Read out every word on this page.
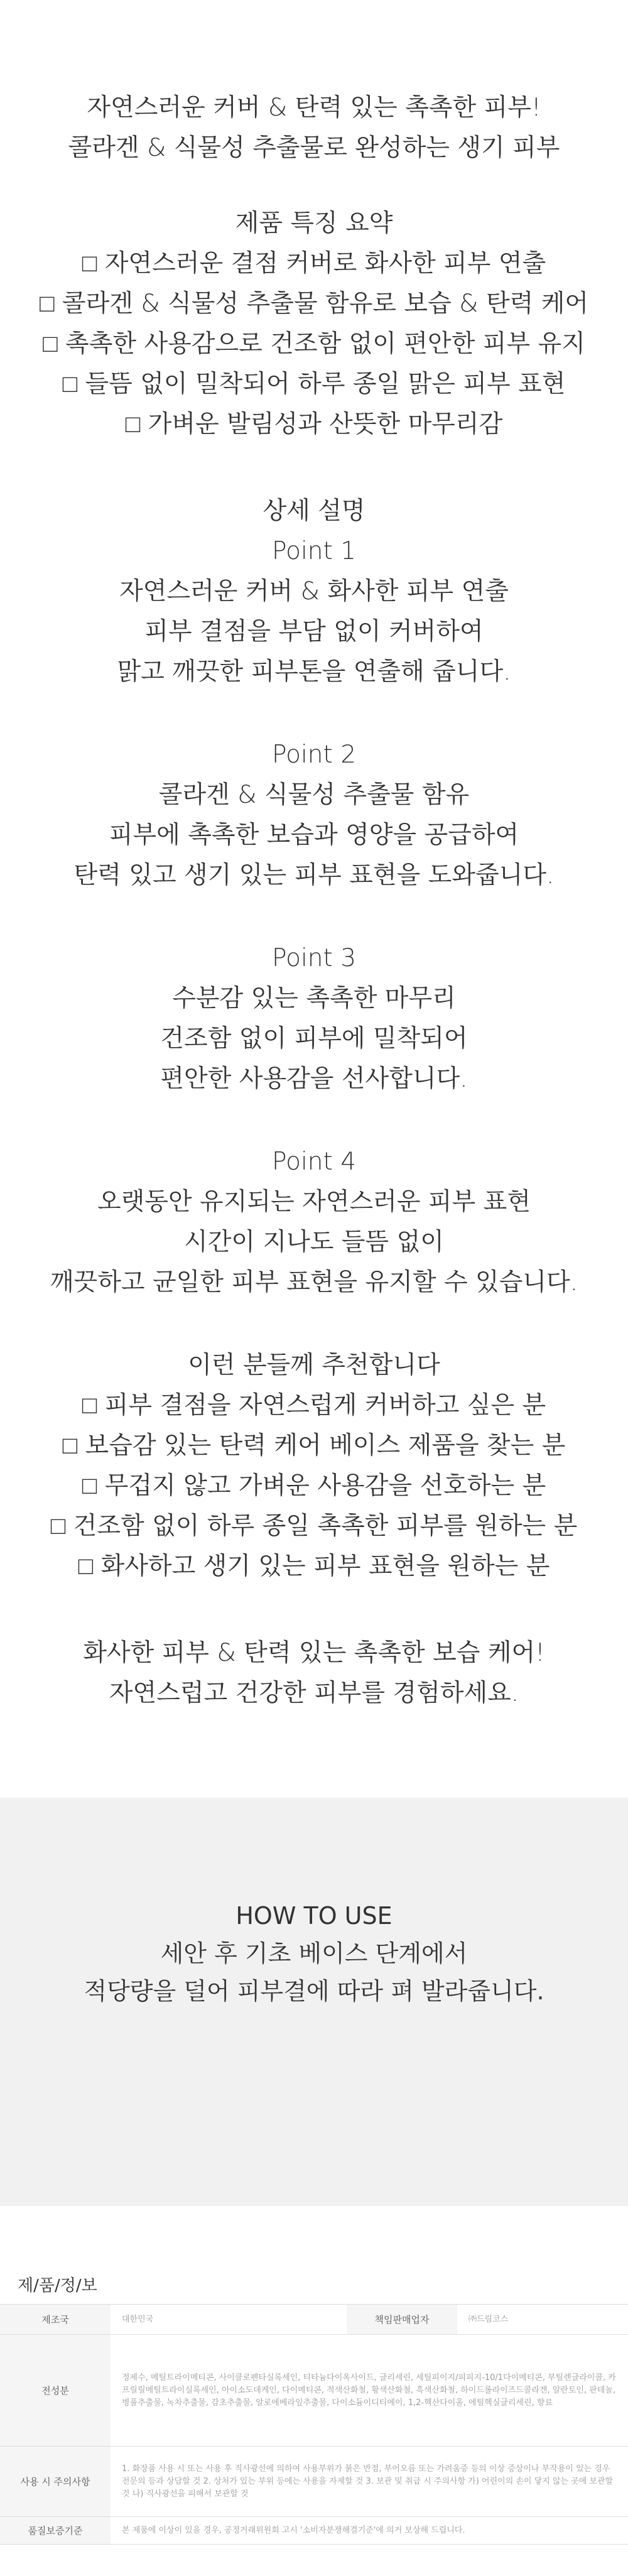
자연스러운 커버 & 탄력 있는 촉촉한 피부!
콜라겐 & 식물성 추출물로 완성하는 생기 피부
제품 특징 요약
□ 자연스러운 결점 커버로 화사한 피부 연출
□ 콜라겐 & 식물성 추출물 함유로 보습 & 탄력 케어
□ 촉촉한 사용감으로 건조함 없이 편안한 피부 유지
□ 들뜸 없이 밀착되어 하루 종일 맑은 피부 표현
□ 가벼운 발림성과 산뜻한 마무리감
상세 설명
Point 1
자연스러운 커버 & 화사한 피부 연출
피부 결점을 부담 없이 커버하여
맑고 깨끗한 피부톤을 연출해 줍니다.
Point 2
콜라겐 & 식물성 추출물 함유
피부에 촉촉한 보습과 영양을 공급하여
탄력 있고 생기 있는 피부 표현을 도와줍니다.
Point 3
수분감 있는 촉촉한 마무리
건조함 없이 피부에 밀착되어
편안한 사용감을 선사합니다.
Point 4
오랫동안 유지되는 자연스러운 피부 표현
시간이 지나도 들뜸 없이
깨끗하고 균일한 피부 표현을 유지할 수 있습니다.
이런 분들께 추천합니다
□ 피부 결점을 자연스럽게 커버하고 싶은 분
□ 보습감 있는 탄력 케어 베이스 제품을 찾는 분
□ 무겁지 않고 가벼운 사용감을 선호하는 분
□ 건조함 없이 하루 종일 촉촉한 피부를 원하는 분
□ 화사하고 생기 있는 피부 표현을 원하는 분
화사한 피부 & 탄력 있는 촉촉한 보습 케어!
자연스럽고 건강한 피부를 경험하세요.
HOW TO USE
세안 후 기초 베이스 단계에서
적당량을 덜어 피부결에 따라 펴 발라줍니다.
제/품/정/보
제조국	대한민국	책임판매업자	㈜드림코스
전성분	정제수, 메틸트라이메티콘, 사이클로펜타실록세인, 티타늄다이옥사이드, 글리세린, 세틸피이지/피피지-10/1다이메티콘, 부틸렌글라이콜, 카프릴릴메틸트라이실록세인, 아이소도데케인, 다이메티콘, 적색산화철, 황색산화철, 흑색산화철, 하이드롤라이즈드콜라겐, 알란토인, 판테놀, 병풀추출물, 녹차추출물, 감초추출물, 알로에베라잎추출물, 다이소듐이디티에이, 1,2-헥산다이올, 에틸헥실글리세린, 향료		
사용 시 주의사항	1. 화장품 사용 시 또는 사용 후 직사광선에 의하여 사용부위가 붉은 반점, 부어오름 또는 가려움증 등의 이상 증상이나 부작용이 있는 경우 전문의 등과 상담할 것 2. 상처가 있는 부위 등에는 사용을 자제할 것 3. 보관 및 취급 시 주의사항 가) 어린이의 손이 닿지 않는 곳에 보관할 것 나) 직사광선을 피해서 보관할 것		
품질보증기준	본 제품에 이상이 있을 경우, 공정거래위원회 고시 '소비자분쟁해결기준'에 의거 보상해 드립니다.		
